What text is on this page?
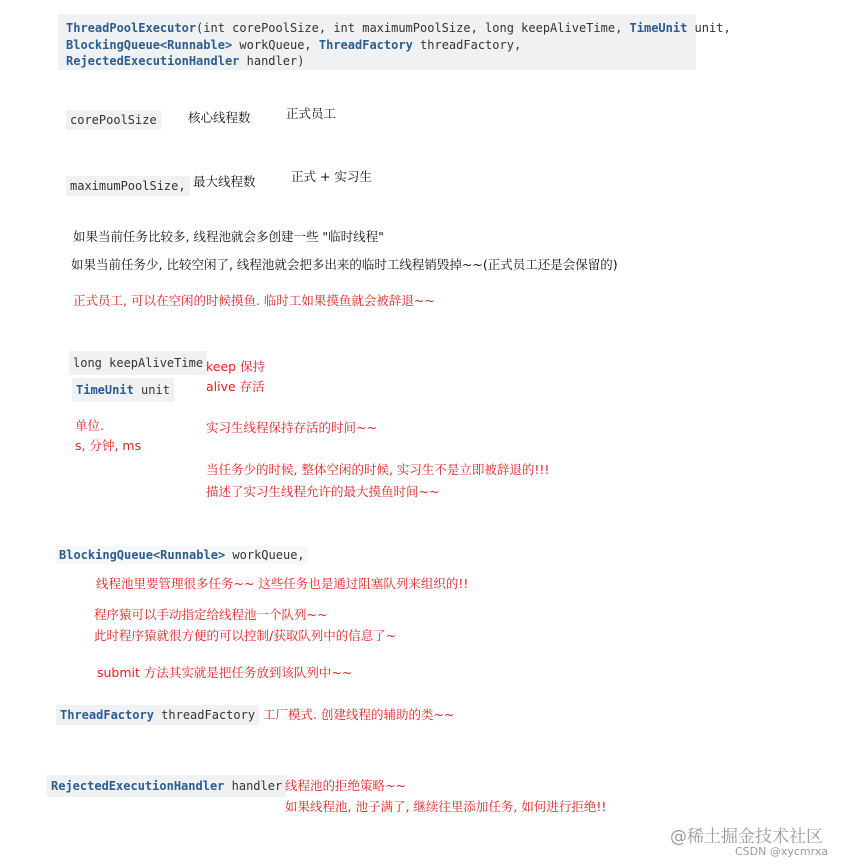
ThreadPoolExecutor(int corePoolSize, int maximumPoolSize, long keepAliveTime, TimeUnit unit,
BlockingQueue<Runnable> workQueue, ThreadFactory threadFactory,
RejectedExecutionHandler handler)
corePoolSize	核心线程数	正式员工
maximumPoolSize, 最大线程数	正式 + 实习生
如果当前任务比较多, 线程池就会多创建一些 "临时线程"
如果当前任务少, 比较空闲了, 线程池就会把多出来的临时工线程销毁掉~~(正式员工还是会保留的)
正式员工, 可以在空闲的时候摸鱼. 临时工如果摸鱼就会被辞退~~
long keepAliveTime
TimeUnit unit
keep 保持
alive 存活
单位.
s, 分钟, ms
实习生线程保持存活的时间~~
当任务少的时候, 整体空闲的时候, 实习生不是立即被辞退的!!!
描述了实习生线程允许的最大摸鱼时间~~
BlockingQueue<Runnable> workQueue,
线程池里要管理很多任务~~ 这些任务也是通过阻塞队列来组织的!!
程序猿可以手动指定给线程池一个队列~~
此时程序猿就很方便的可以控制/获取队列中的信息了~
submit 方法其实就是把任务放到该队列中~~
ThreadFactory threadFactory 工厂模式. 创建线程的辅助的类~~
RejectedExecutionHandler handler 线程池的拒绝策略~~
如果线程池, 池子满了, 继续往里添加任务, 如何进行拒绝!!
@稀土掘金技术社区
CSDN @xycmrxa
